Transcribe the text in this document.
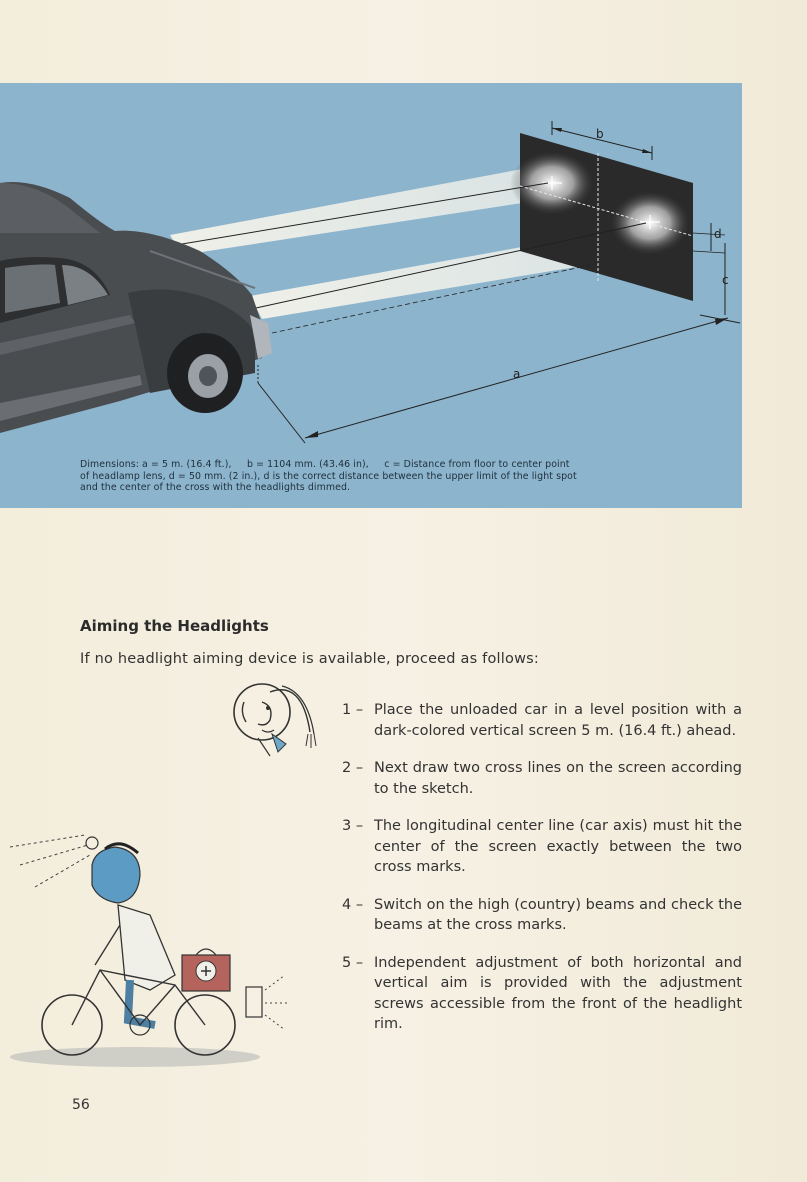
b
d
c
a
Dimensions: a = 5 m. (16.4 ft.),     b = 1104 mm. (43.46 in),     c = Distance from floor to center point
of headlamp lens, d = 50 mm. (2 in.), d is the correct distance between the upper limit of the light spot
and the center of the cross with the headlights dimmed.
Aiming the Headlights
If no headlight aiming device is available, proceed as follows:
1 – Place the unloaded car in a level position with a dark-colored vertical screen 5 m. (16.4 ft.) ahead.
2 – Next draw two cross lines on the screen according to the sketch.
3 – The longitudinal center line (car axis) must hit the center of the screen exactly between the two cross marks.
4 – Switch on the high (country) beams and check the beams at the cross marks.
5 – Independent adjustment of both horizontal and vertical aim is provided with the adjustment screws accessible from the front of the headlight rim.
56
